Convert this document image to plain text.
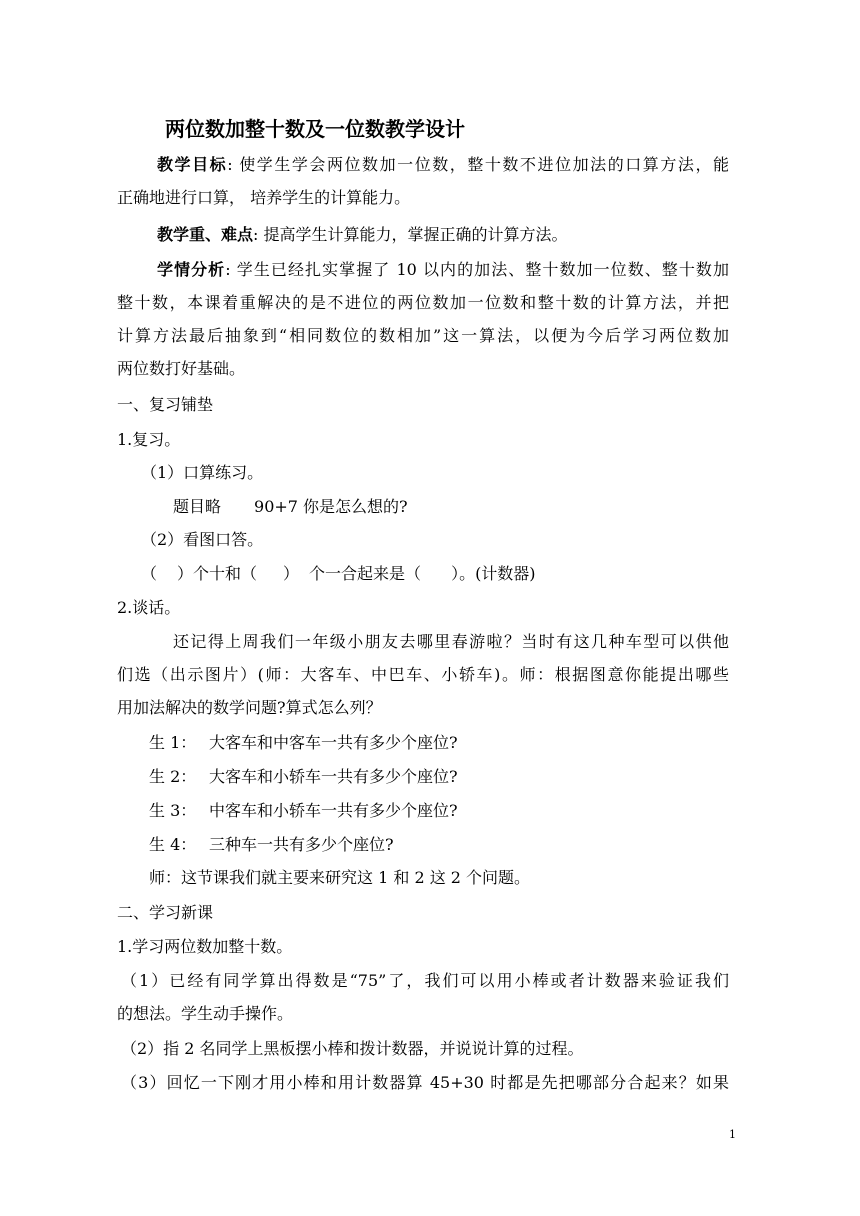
两位数加整十数及一位数教学设计
教学目标: 使学生学会两位数加一位数，整十数不进位加法的口算方法，能
正确地进行口算， 培养学生的计算能力。
教学重、难点: 提高学生计算能力，掌握正确的计算方法。
学情分析: 学生已经扎实掌握了 10 以内的加法、整十数加一位数、整十数加
整十数，本课着重解决的是不进位的两位数加一位数和整十数的计算方法，并把
计算方法最后抽象到“相同数位的数相加”这一算法，以便为今后学习两位数加
两位数打好基础。
一、复习铺垫
1.复习。
（1）口算练习。
题目略 90+7 你是怎么想的?
（2）看图口答。
（ ）个十和（ ） 个一合起来是（ ）。(计数器)
2.谈话。
还记得上周我们一年级小朋友去哪里春游啦？当时有这几种车型可以供他
们选（出示图片）(师：大客车、中巴车、小轿车)。师：根据图意你能提出哪些
用加法解决的数学问题?算式怎么列？
生 1： 大客车和中客车一共有多少个座位?
生 2： 大客车和小轿车一共有多少个座位?
生 3： 中客车和小轿车一共有多少个座位?
生 4： 三种车一共有多少个座位?
师：这节课我们就主要来研究这 1 和 2 这 2 个问题。
二、学习新课
1.学习两位数加整十数。
（1）已经有同学算出得数是“75”了，我们可以用小棒或者计数器来验证我们
的想法。学生动手操作。
（2）指 2 名同学上黑板摆小棒和拨计数器，并说说计算的过程。
（3）回忆一下刚才用小棒和用计数器算 45+30 时都是先把哪部分合起来？如果
1
